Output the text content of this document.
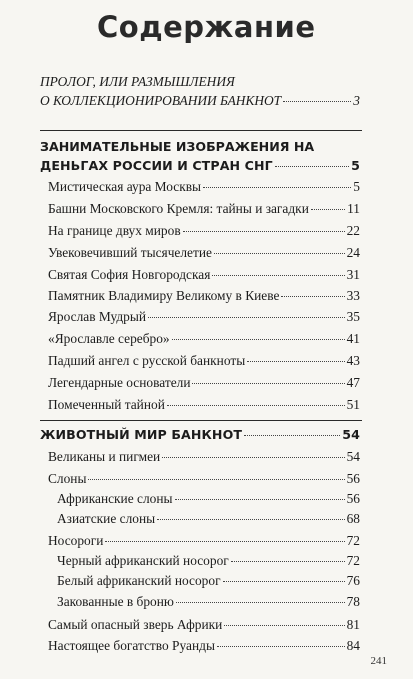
Содержание
ПРОЛОГ, ИЛИ РАЗМЫШЛЕНИЯ
О КОЛЛЕКЦИОНИРОВАНИИ БАНКНОТ	3
ЗАНИМАТЕЛЬНЫЕ ИЗОБРАЖЕНИЯ НА
ДЕНЬГАХ РОССИИ И СТРАН СНГ	5
Мистическая аура Москвы	5
Башни Московского Кремля: тайны и загадки	11
На границе двух миров	22
Увековечивший тысячелетие	24
Святая София Новгородская	31
Памятник Владимиру Великому в Киеве	33
Ярослав Мудрый	35
«Ярославле серебро»	41
Падший ангел с русской банкноты	43
Легендарные основатели	47
Помеченный тайной	51
ЖИВОТНЫЙ МИР БАНКНОТ	54
Великаны и пигмеи	54
Слоны	56
Африканские слоны	56
Азиатские слоны	68
Носороги	72
Черный африканский носорог	72
Белый африканский носорог	76
Закованные в броню	78
Самый опасный зверь Африки	81
Настоящее богатство Руанды	84
241
